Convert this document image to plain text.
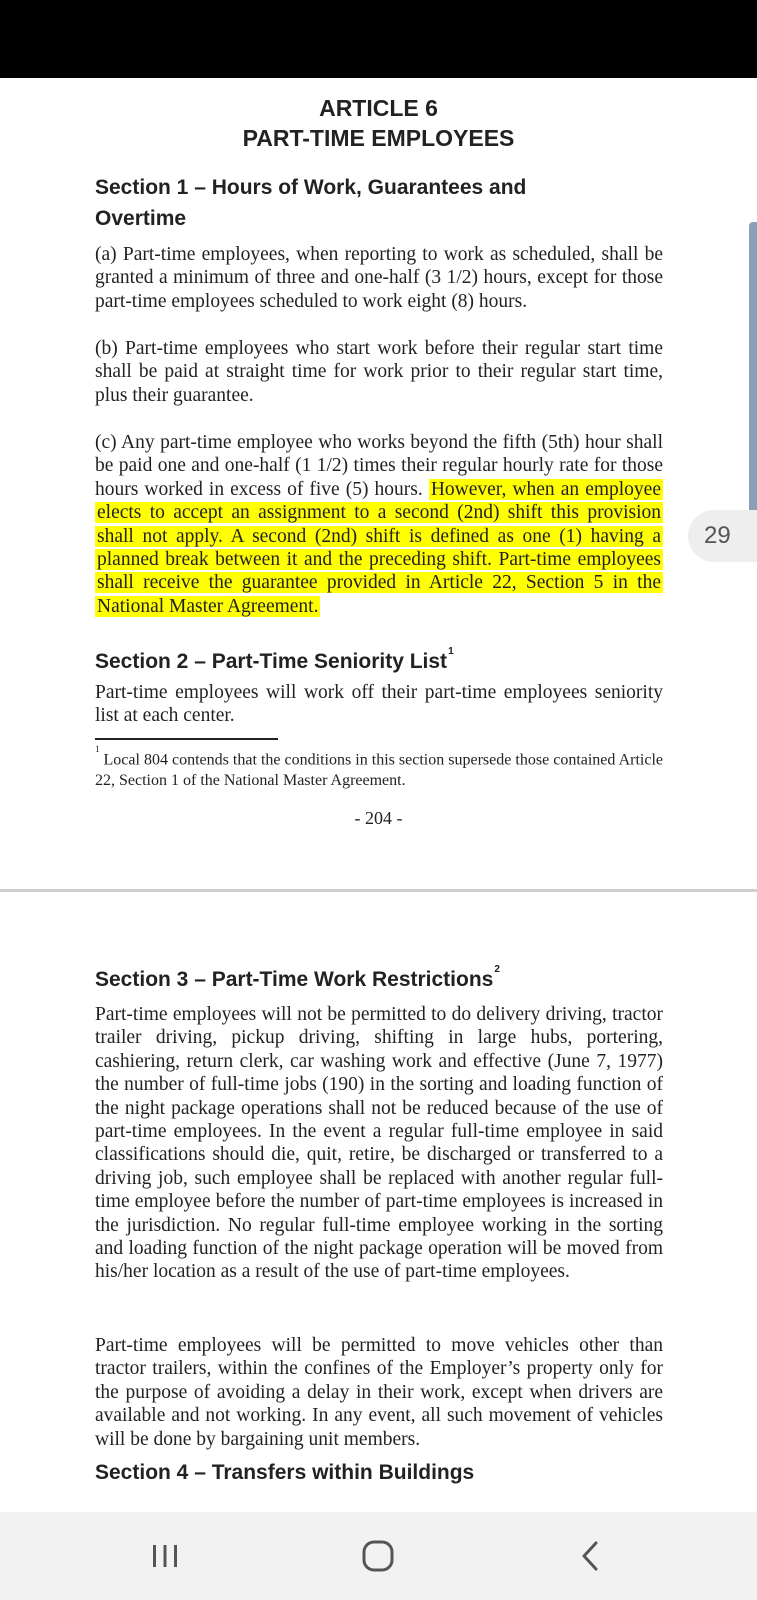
ARTICLE 6
PART-TIME EMPLOYEES
Section 1 – Hours of Work, Guarantees and
Overtime

(a) Part-time employees, when reporting to work as scheduled, shall be granted a minimum of three and one-half (3 1/2) hours, except for those part-time employees scheduled to work eight (8) hours.

(b) Part-time employees who start work before their regular start time shall be paid at straight time for work prior to their regular start time, plus their guarantee.

(c) Any part-time employee who works beyond the fifth (5th) hour shall be paid one and one-half (1 1/2) times their regular hourly rate for those hours worked in excess of five (5) hours. However, when an employee elects to accept an assignment to a second (2nd) shift this provision shall not apply. A second (2nd) shift is defined as one (1) having a planned break between it and the preceding shift. Part-time employees shall receive the guarantee provided in Article 22, Section 5 in the National Master Agreement.

Section 2 – Part-Time Seniority List$^1$

Part-time employees will work off their part-time employees seniority list at each center.

$^1$Local 804 contends that the conditions in this section supersede those contained Article 22, Section 1 of the National Master Agreement.

- 204 -
Section 3 – Part-Time Work Restrictions$^2$

Part-time employees will not be permitted to do delivery driving, tractor trailer driving, pickup driving, shifting in large hubs, portering, cashiering, return clerk, car washing work and effective (June 7, 1977) the number of full-time jobs (190) in the sorting and loading function of the night package operations shall not be reduced because of the use of part-time employees. In the event a regular full-time employee in said classifications should die, quit, retire, be discharged or transferred to a driving job, such employee shall be replaced with another regular full-time employee before the number of part-time employees is increased in the jurisdiction. No regular full-time employee working in the sorting and loading function of the night package operation will be moved from his/her location as a result of the use of part-time employees.

Part-time employees will be permitted to move vehicles other than tractor trailers, within the confines of the Employer’s property only for the purpose of avoiding a delay in their work, except when drivers are available and not working. In any event, all such movement of vehicles will be done by bargaining unit members.

Section 4 – Transfers within Buildings
29
